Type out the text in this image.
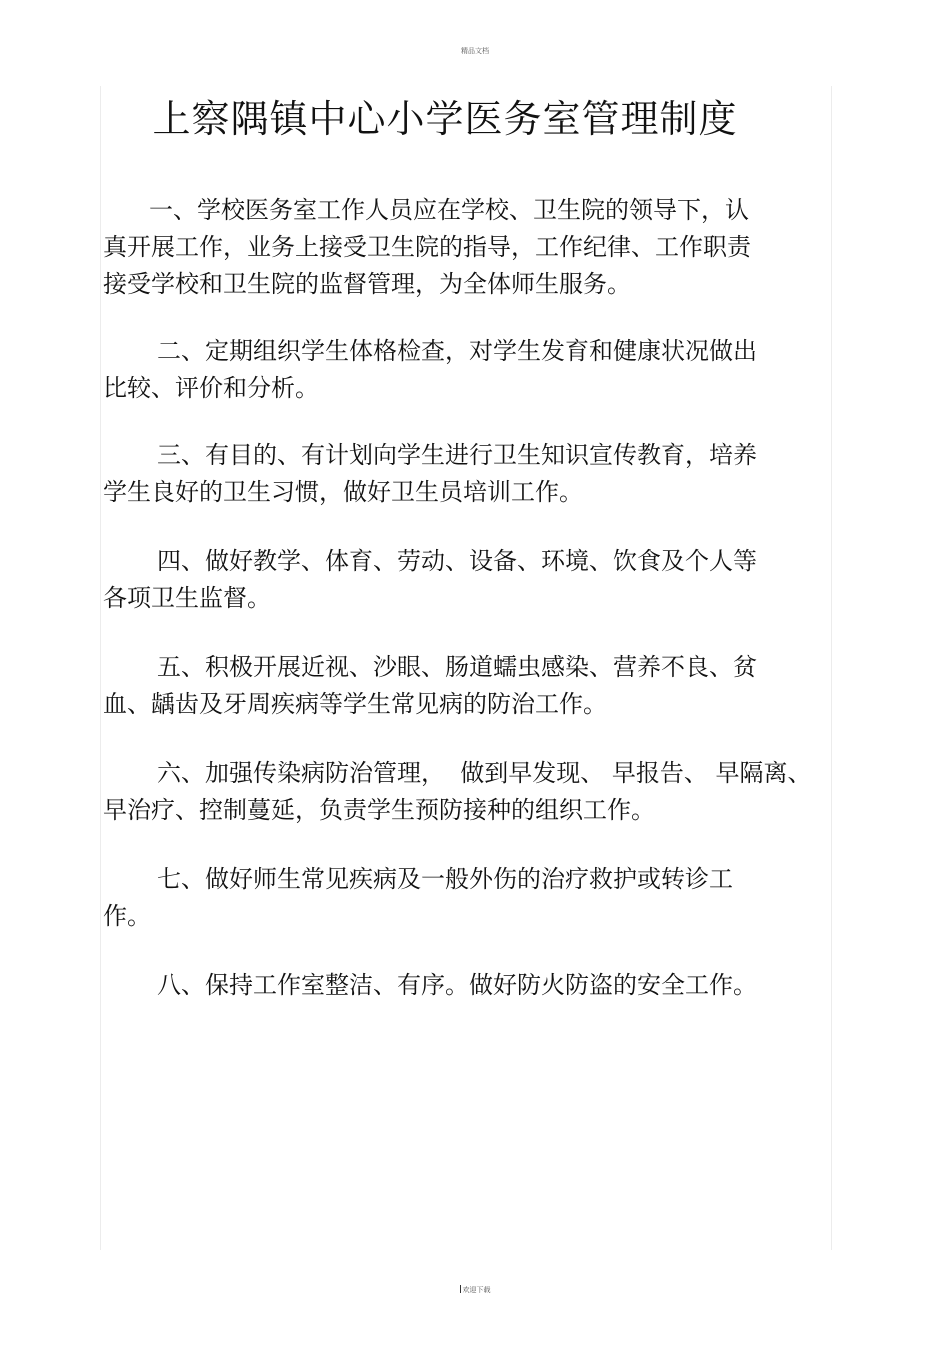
精品文档
上察隅镇中心小学医务室管理制度
一、学校医务室工作人员应在学校、卫生院的领导下，认
真开展工作，业务上接受卫生院的指导，工作纪律、工作职责
接受学校和卫生院的监督管理，为全体师生服务。
二、定期组织学生体格检查，对学生发育和健康状况做出
比较、评价和分析。
三、有目的、有计划向学生进行卫生知识宣传教育，培养
学生良好的卫生习惯，做好卫生员培训工作。
四、做好教学、体育、劳动、设备、环境、饮食及个人等
各项卫生监督。
五、积极开展近视、沙眼、肠道蠕虫感染、营养不良、贫
血、龋齿及牙周疾病等学生常见病的防治工作。
六、加强传染病防治管理，  做到早发现、 早报告、 早隔离、
早治疗、控制蔓延，负责学生预防接种的组织工作。
七、做好师生常见疾病及一般外伤的治疗救护或转诊工
作。
八、保持工作室整洁、有序。做好防火防盗的安全工作。
欢迎下载
